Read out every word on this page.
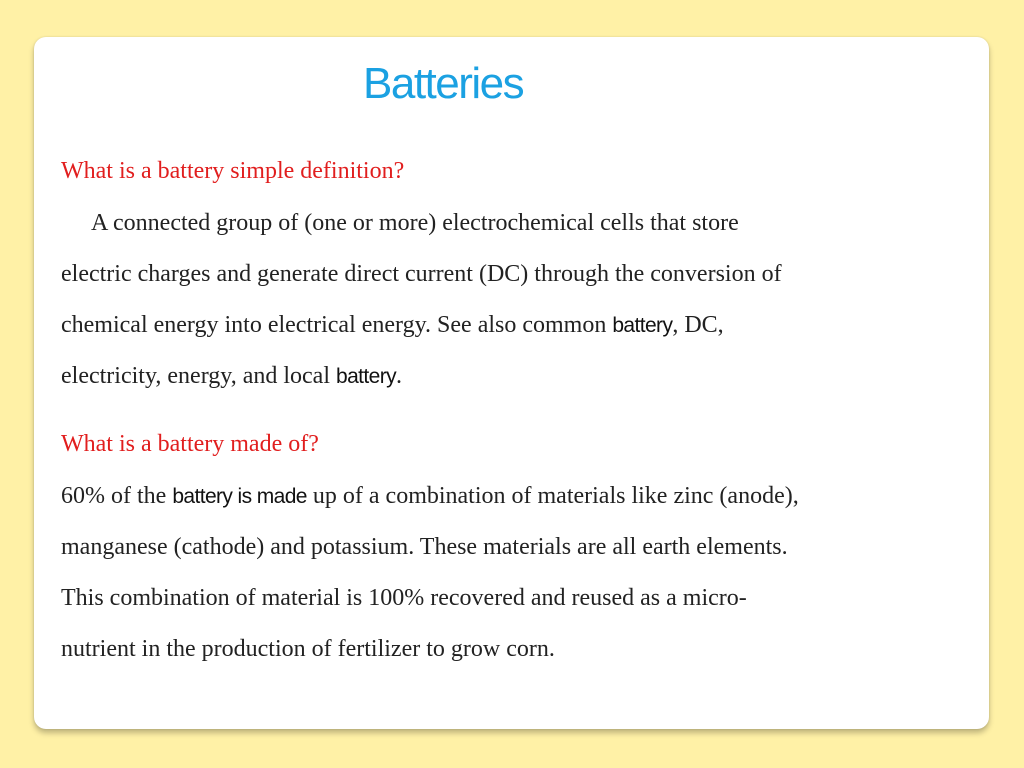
Batteries

What is a battery simple definition?

A connected group of (one or more) electrochemical cells that store

electric charges and generate direct current (DC) through the conversion of

chemical energy into electrical energy. See also common battery, DC,

electricity, energy, and local battery.

What is a battery made of?

60% of the battery is made up of a combination of materials like zinc (anode),

manganese (cathode) and potassium. These materials are all earth elements.

This combination of material is 100% recovered and reused as a micro-

nutrient in the production of fertilizer to grow corn.
